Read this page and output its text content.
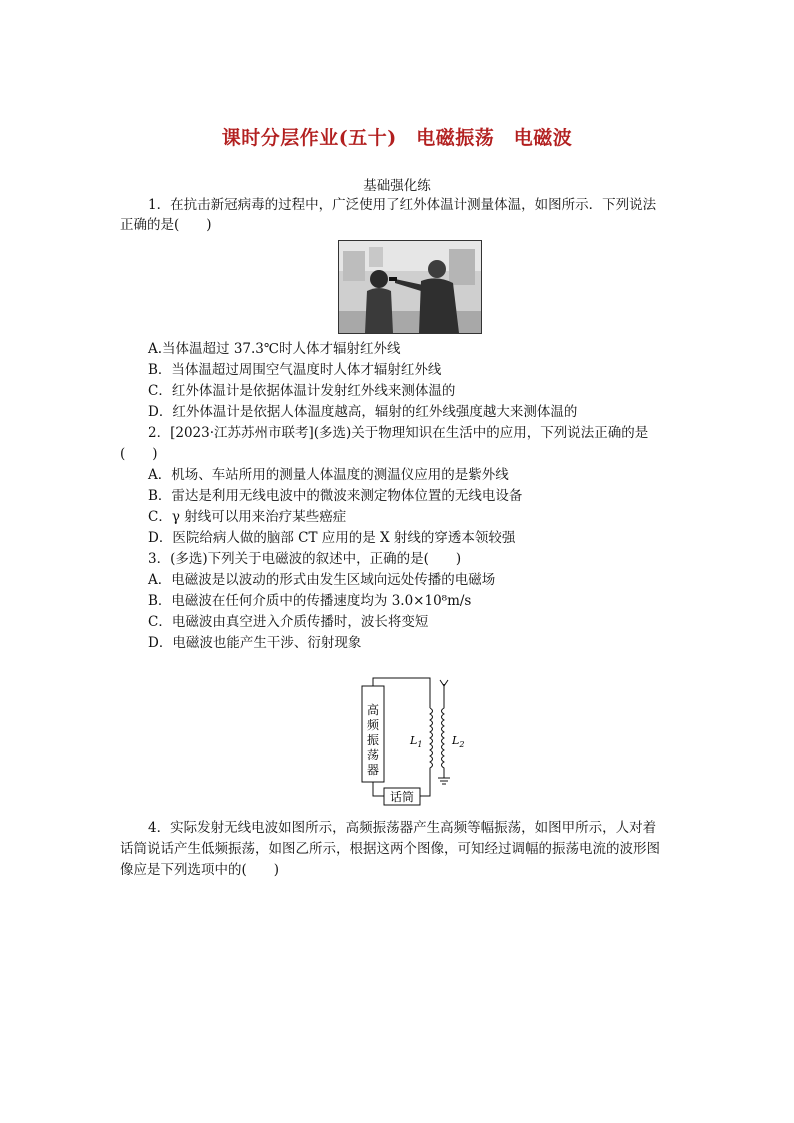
课时分层作业(五十)　电磁振荡　电磁波
基础强化练
1．在抗击新冠病毒的过程中，广泛使用了红外体温计测量体温，如图所示．下列说法
正确的是(　　)
A.当体温超过 37.3℃时人体才辐射红外线
B．当体温超过周围空气温度时人体才辐射红外线
C．红外体温计是依据体温计发射红外线来测体温的
D．红外体温计是依据人体温度越高，辐射的红外线强度越大来测体温的
2．[2023·江苏苏州市联考](多选)关于物理知识在生活中的应用，下列说法正确的是
(　　)
A．机场、车站所用的测量人体温度的测温仪应用的是紫外线
B．雷达是利用无线电波中的微波来测定物体位置的无线电设备
C．γ 射线可以用来治疗某些癌症
D．医院给病人做的脑部 CT 应用的是 X 射线的穿透本领较强
3．(多选)下列关于电磁波的叙述中，正确的是(　　)
A．电磁波是以波动的形式由发生区域向远处传播的电磁场
B．电磁波在任何介质中的传播速度均为 3.0×10⁸m/s
C．电磁波由真空进入介质传播时，波长将变短
D．电磁波也能产生干涉、衍射现象
高
频
振
荡
器
$L_1$	$L_2$
话筒
4．实际发射无线电波如图所示，高频振荡器产生高频等幅振荡，如图甲所示，人对着
话筒说话产生低频振荡，如图乙所示，根据这两个图像，可知经过调幅的振荡电流的波形图
像应是下列选项中的(　　)
